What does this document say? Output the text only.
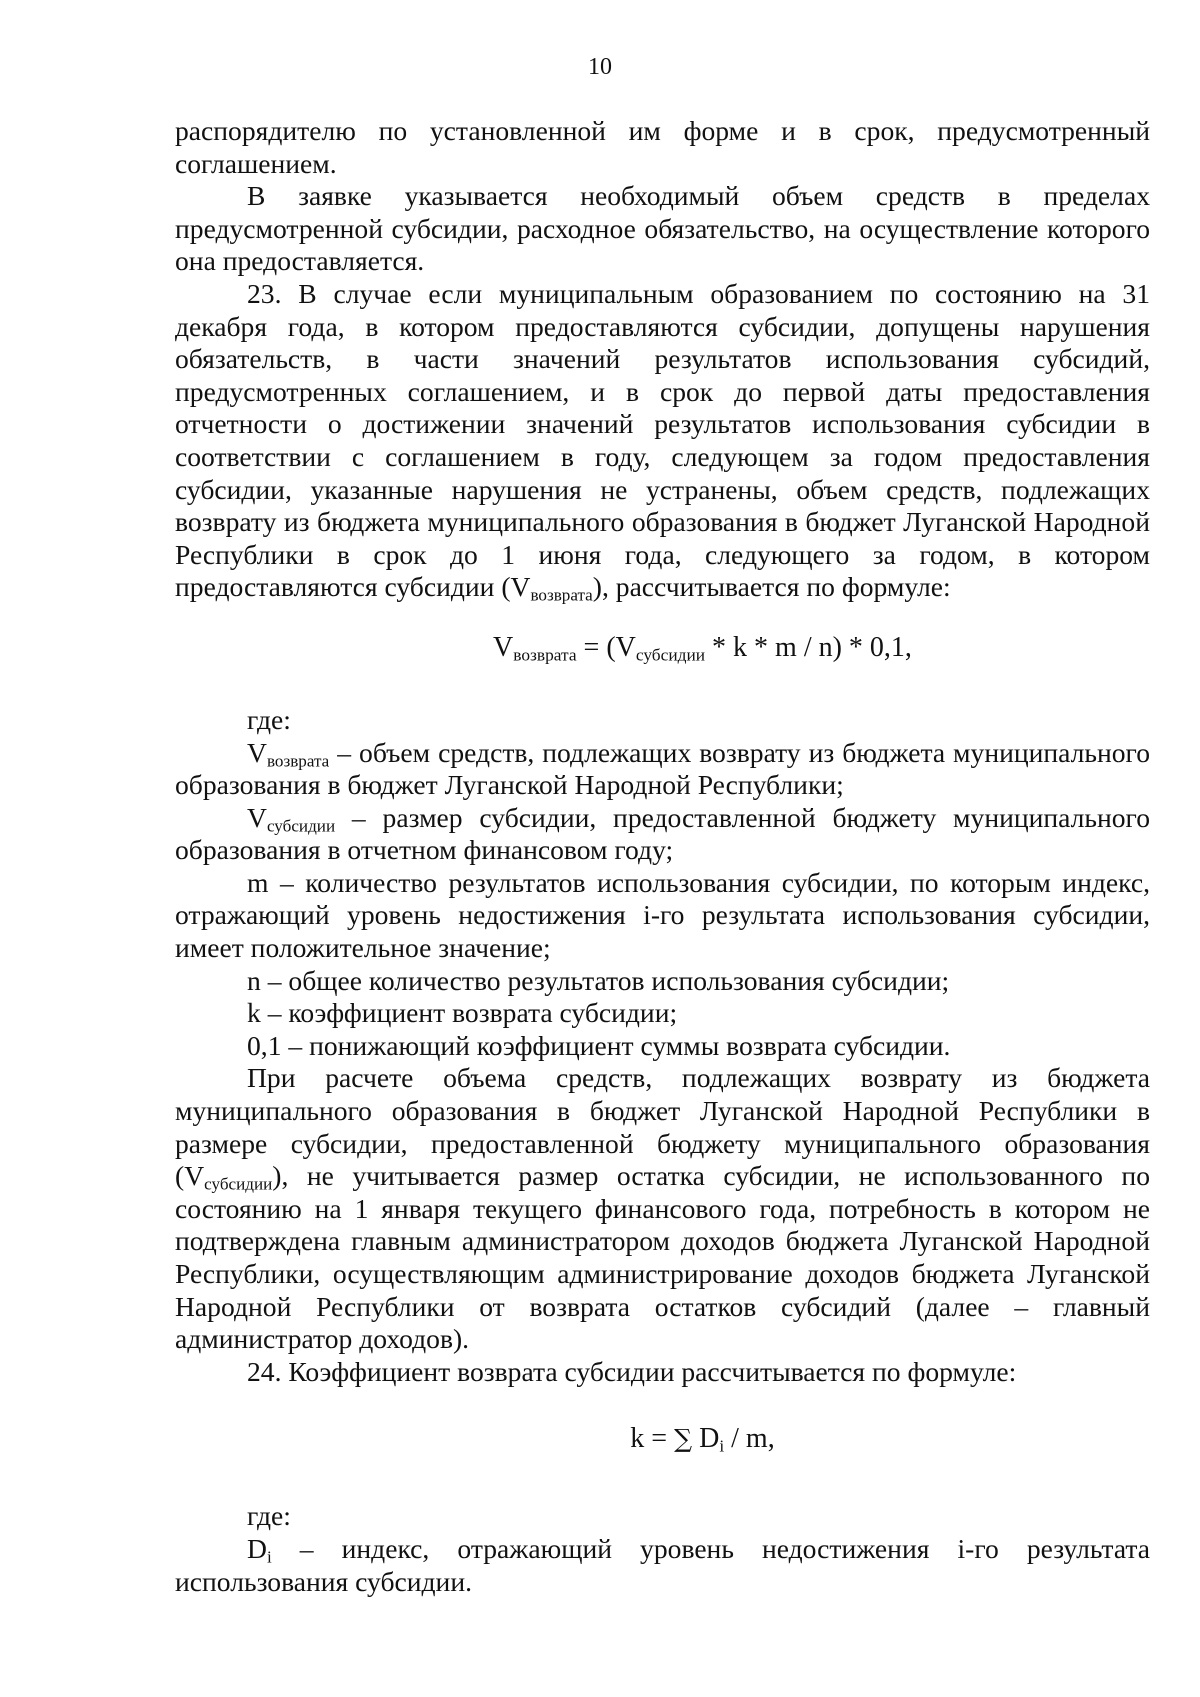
10

распорядителю по установленной им форме и в срок, предусмотренный соглашением.

В заявке указывается необходимый объем средств в пределах предусмотренной субсидии, расходное обязательство, на осуществление которого она предоставляется.

23. В случае если муниципальным образованием по состоянию на 31 декабря года, в котором предоставляются субсидии, допущены нарушения обязательств, в части значений результатов использования субсидий, предусмотренных соглашением, и в срок до первой даты предоставления отчетности о достижении значений результатов использования субсидии в соответствии с соглашением в году, следующем за годом предоставления субсидии, указанные нарушения не устранены, объем средств, подлежащих возврату из бюджета муниципального образования в бюджет Луганской Народной Республики в срок до 1 июня года, следующего за годом, в котором предоставляются субсидии $(V_{возврата})$, рассчитывается по формуле:

$V_{возврата} = (V_{субсидии} * k * m / n) * 0,1$,

где:

$V_{возврата}$ – объем средств, подлежащих возврату из бюджета муниципального образования в бюджет Луганской Народной Республики;

$V_{субсидии}$ – размер субсидии, предоставленной бюджету муниципального образования в отчетном финансовом году;

m – количество результатов использования субсидии, по которым индекс, отражающий уровень недостижения i-го результата использования субсидии, имеет положительное значение;

n – общее количество результатов использования субсидии;

k – коэффициент возврата субсидии;

0,1 – понижающий коэффициент суммы возврата субсидии.

При расчете объема средств, подлежащих возврату из бюджета муниципального образования в бюджет Луганской Народной Республики в размере субсидии, предоставленной бюджету муниципального образования $(V_{субсидии})$, не учитывается размер остатка субсидии, не использованного по состоянию на 1 января текущего финансового года, потребность в котором не подтверждена главным администратором доходов бюджета Луганской Народной Республики, осуществляющим администрирование доходов бюджета Луганской Народной Республики от возврата остатков субсидий (далее – главный администратор доходов).

24. Коэффициент возврата субсидии рассчитывается по формуле:

k = ∑ $D_i$ / m,

где:

$D_i$ – индекс, отражающий уровень недостижения i-го результата использования субсидии.
